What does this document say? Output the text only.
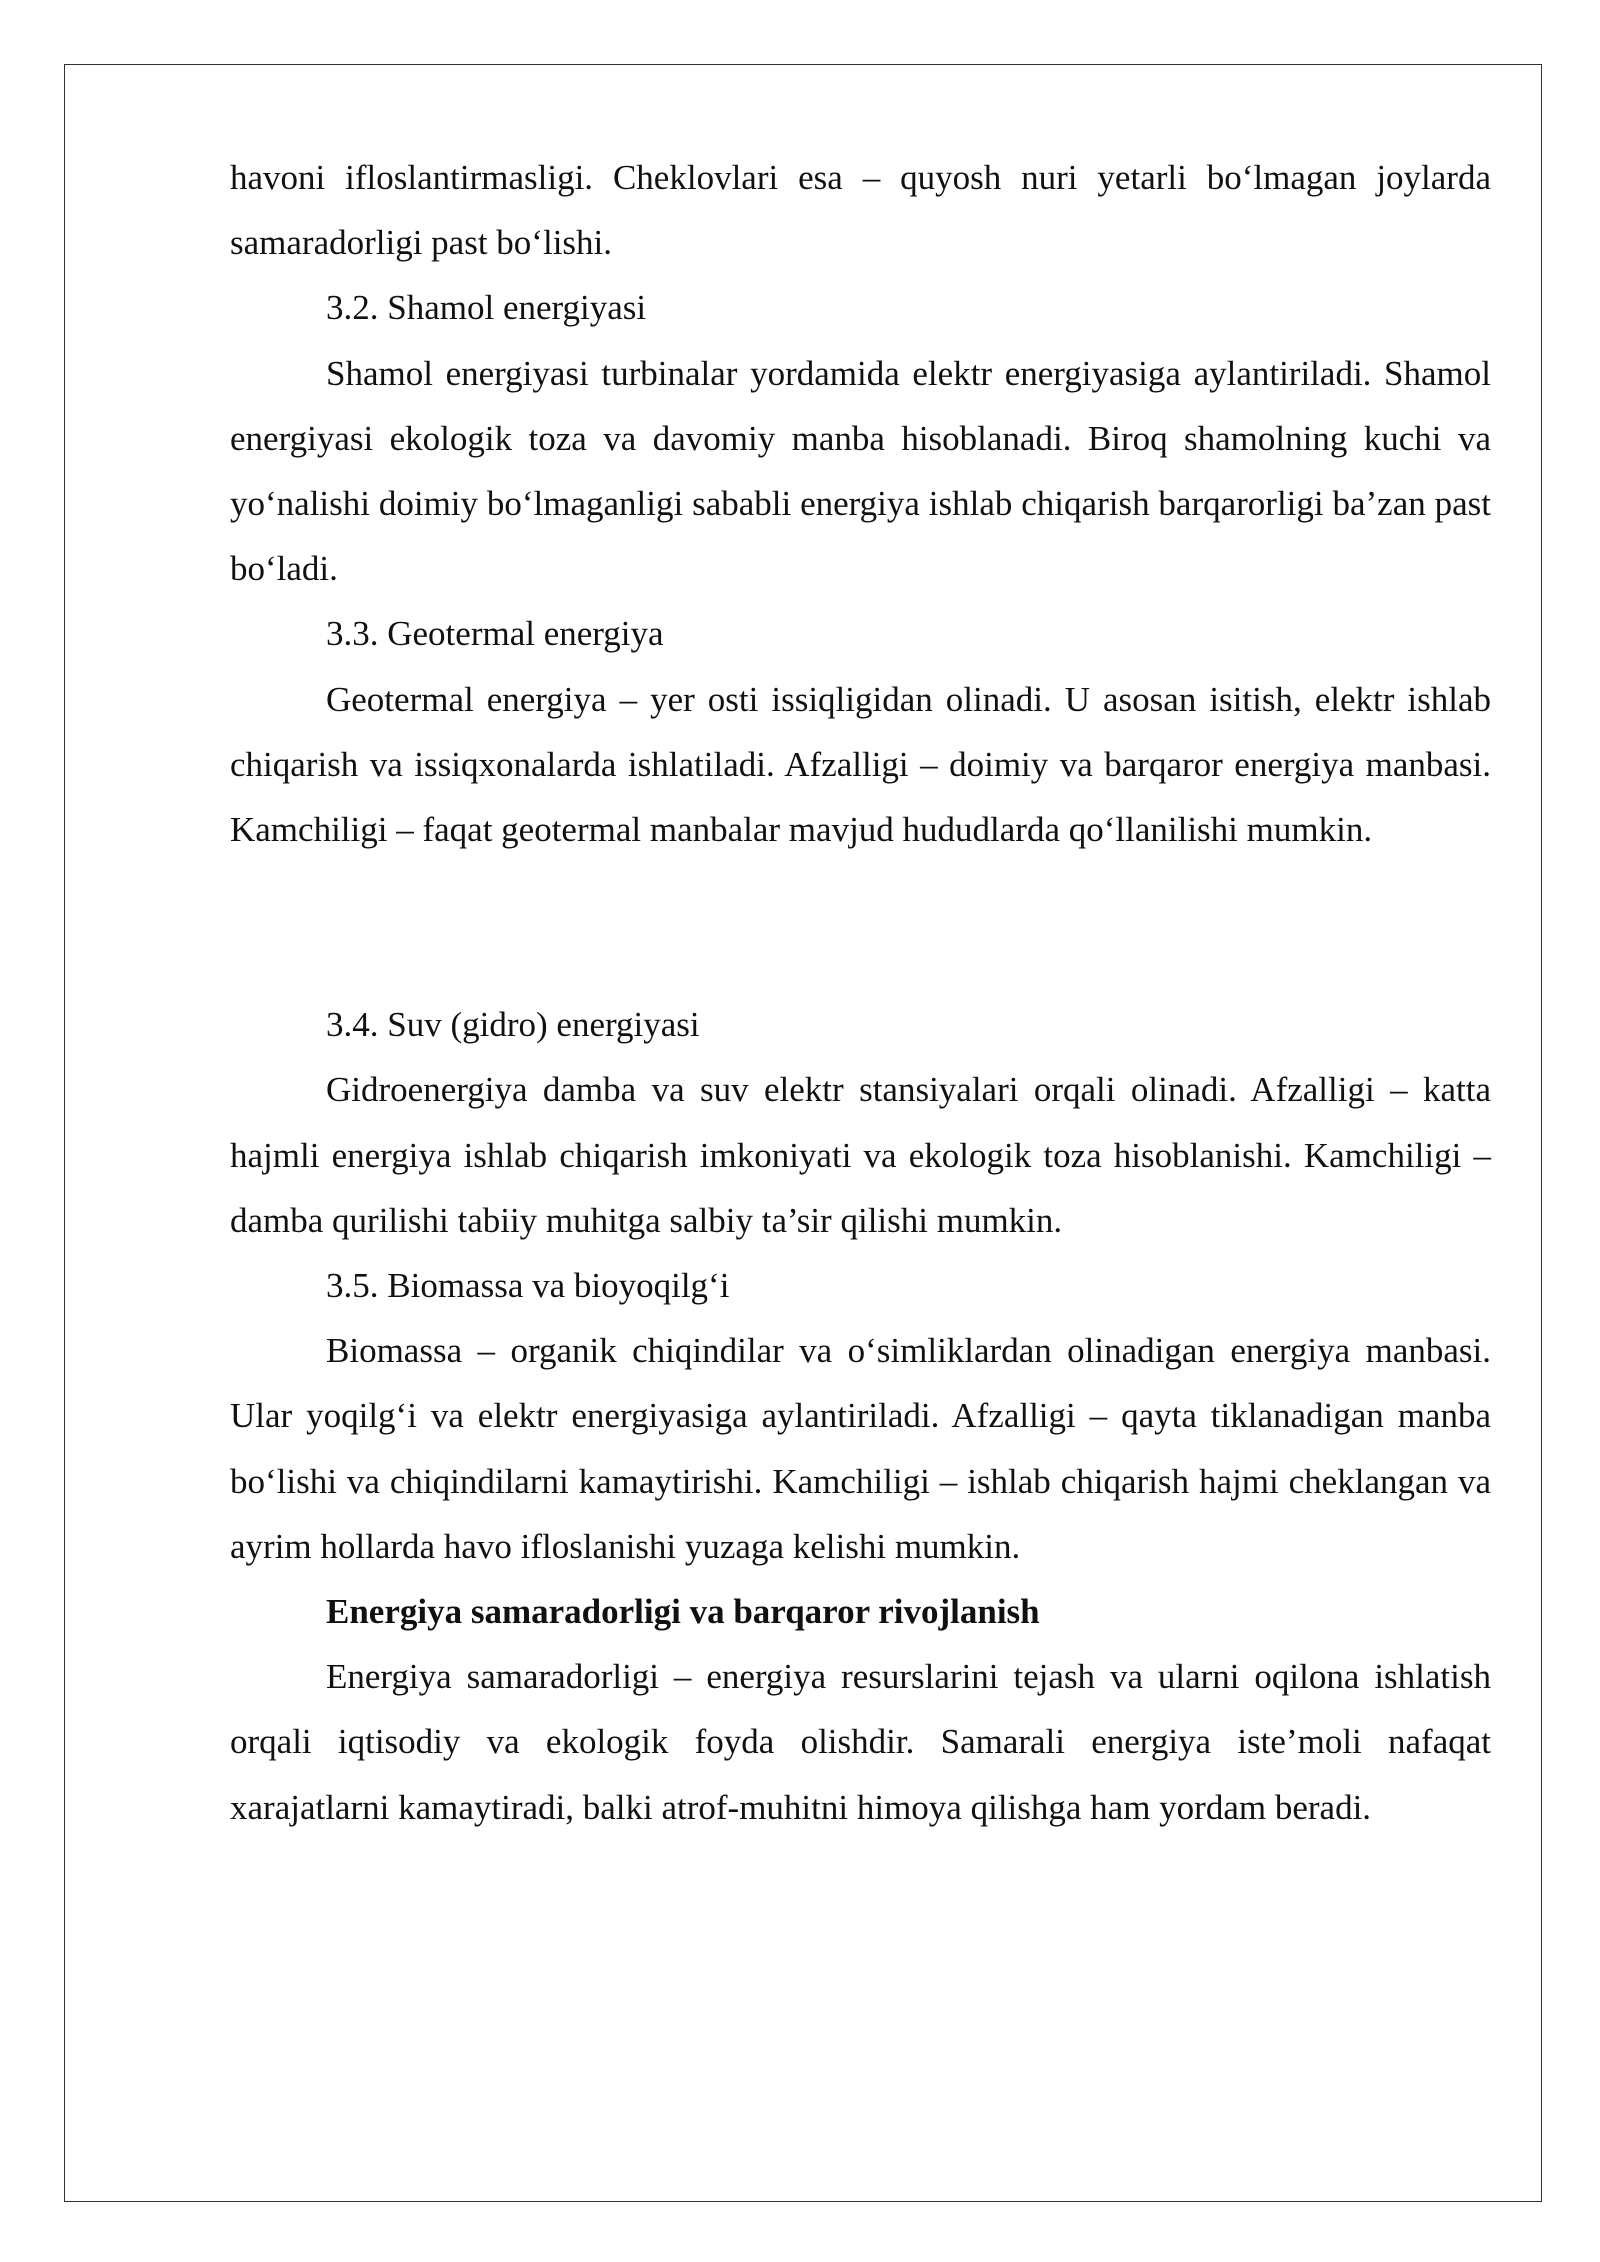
havoni ifloslantirmasligi. Cheklovlari esa – quyosh nuri yetarli bo‘lmagan joylarda samaradorligi past bo‘lishi.

3.2. Shamol energiyasi

Shamol energiyasi turbinalar yordamida elektr energiyasiga aylantiriladi. Shamol energiyasi ekologik toza va davomiy manba hisoblanadi. Biroq shamolning kuchi va yo‘nalishi doimiy bo‘lmaganligi sababli energiya ishlab chiqarish barqarorligi ba’zan past bo‘ladi.

3.3. Geotermal energiya

Geotermal energiya – yer osti issiqligidan olinadi. U asosan isitish, elektr ishlab chiqarish va issiqxonalarda ishlatiladi. Afzalligi – doimiy va barqaror energiya manbasi. Kamchiligi – faqat geotermal manbalar mavjud hududlarda qo‘llanilishi mumkin.

3.4. Suv (gidro) energiyasi

Gidroenergiya damba va suv elektr stansiyalari orqali olinadi. Afzalligi – katta hajmli energiya ishlab chiqarish imkoniyati va ekologik toza hisoblanishi. Kamchiligi – damba qurilishi tabiiy muhitga salbiy ta’sir qilishi mumkin.

3.5. Biomassa va bioyoqilg‘i

Biomassa – organik chiqindilar va o‘simliklardan olinadigan energiya manbasi. Ular yoqilg‘i va elektr energiyasiga aylantiriladi. Afzalligi – qayta tiklanadigan manba bo‘lishi va chiqindilarni kamaytirishi. Kamchiligi – ishlab chiqarish hajmi cheklangan va ayrim hollarda havo ifloslanishi yuzaga kelishi mumkin.

Energiya samaradorligi va barqaror rivojlanish

Energiya samaradorligi – energiya resurslarini tejash va ularni oqilona ishlatish orqali iqtisodiy va ekologik foyda olishdir. Samarali energiya iste’moli nafaqat xarajatlarni kamaytiradi, balki atrof-muhitni himoya qilishga ham yordam beradi.
